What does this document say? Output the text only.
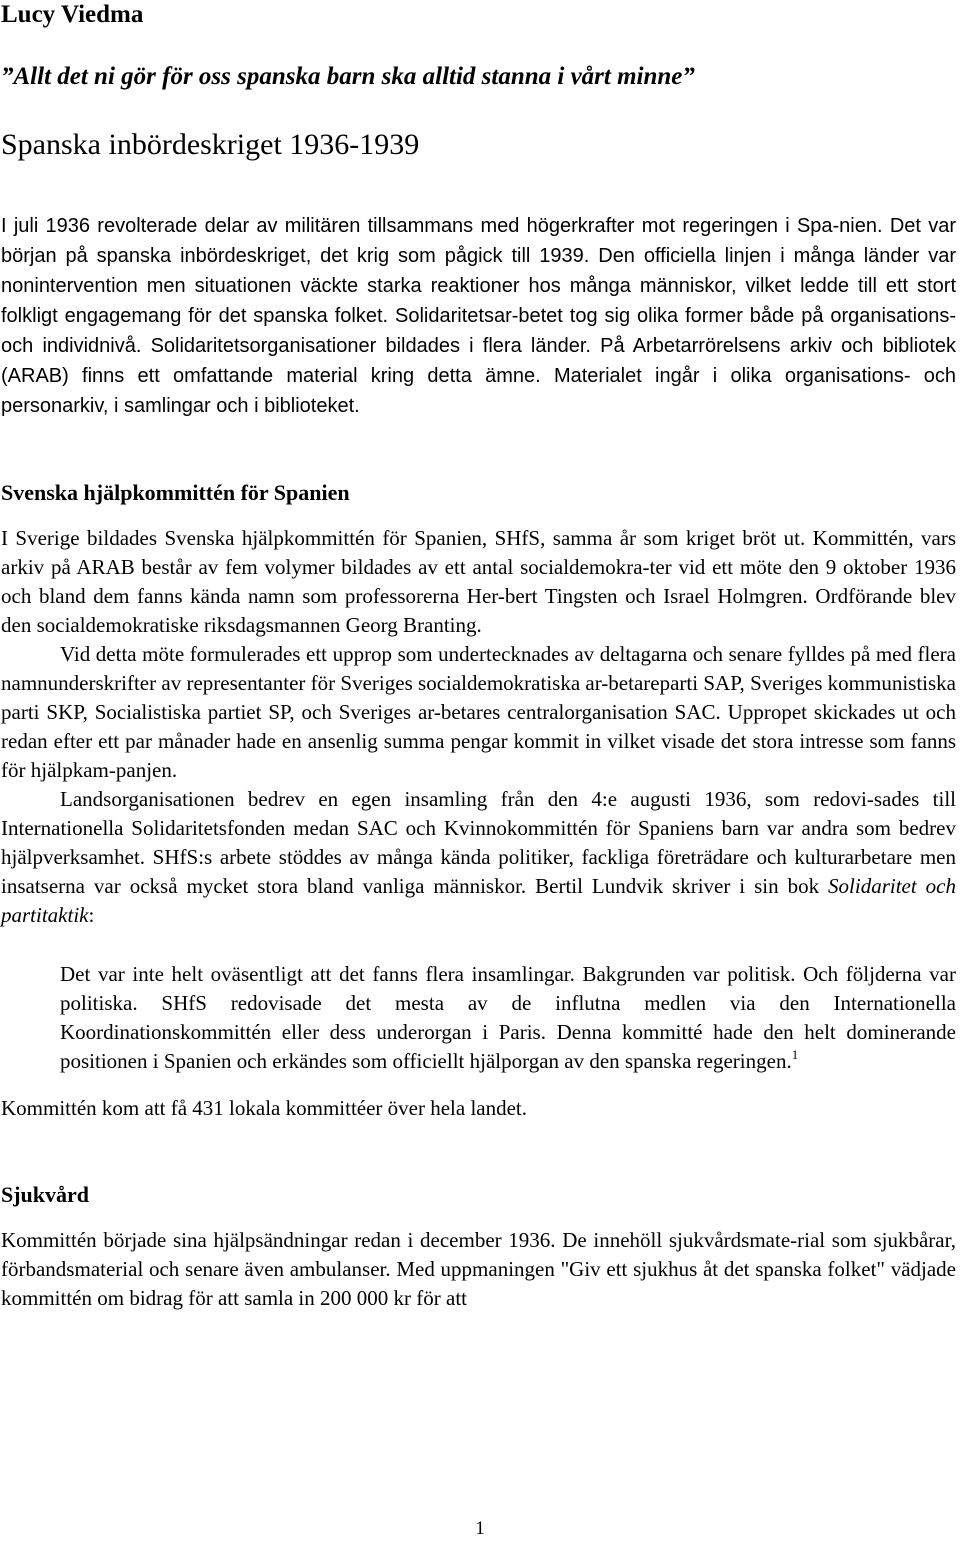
Lucy Viedma
”Allt det ni gör för oss spanska barn ska alltid stanna i vårt minne”
Spanska inbördeskriget 1936-1939

I juli 1936 revolterade delar av militären tillsammans med högerkrafter mot regeringen i Spa-nien. Det var början på spanska inbördeskriget, det krig som pågick till 1939. Den officiella linjen i många länder var nonintervention men situationen väckte starka reaktioner hos många människor, vilket ledde till ett stort folkligt engagemang för det spanska folket. Solidaritetsar-betet tog sig olika former både på organisations- och individnivå. Solidaritetsorganisationer bildades i flera länder. På Arbetarrörelsens arkiv och bibliotek (ARAB) finns ett omfattande material kring detta ämne. Materialet ingår i olika organisations- och personarkiv, i samlingar och i biblioteket.

Svenska hjälpkommittén för Spanien

I Sverige bildades Svenska hjälpkommittén för Spanien, SHfS, samma år som kriget bröt ut. Kommittén, vars arkiv på ARAB består av fem volymer bildades av ett antal socialdemokra-ter vid ett möte den 9 oktober 1936 och bland dem fanns kända namn som professorerna Her-bert Tingsten och Israel Holmgren. Ordförande blev den socialdemokratiske riksdagsmannen Georg Branting.

Vid detta möte formulerades ett upprop som undertecknades av deltagarna och senare fylldes på med flera namnunderskrifter av representanter för Sveriges socialdemokratiska ar-betareparti SAP, Sveriges kommunistiska parti SKP, Socialistiska partiet SP, och Sveriges ar-betares centralorganisation SAC. Uppropet skickades ut och redan efter ett par månader hade en ansenlig summa pengar kommit in vilket visade det stora intresse som fanns för hjälpkam-panjen.

Landsorganisationen bedrev en egen insamling från den 4:e augusti 1936, som redovi-sades till Internationella Solidaritetsfonden medan SAC och Kvinnokommittén för Spaniens barn var andra som bedrev hjälpverksamhet. SHfS:s arbete stöddes av många kända politiker, fackliga företrädare och kulturarbetare men insatserna var också mycket stora bland vanliga människor. Bertil Lundvik skriver i sin bok Solidaritet och partitaktik:

Det var inte helt oväsentligt att det fanns flera insamlingar. Bakgrunden var politisk. Och följderna var politiska. SHfS redovisade det mesta av de influtna medlen via den Internationella Koordinationskommittén eller dess underorgan i Paris. Denna kommitté hade den helt dominerande positionen i Spanien och erkändes som officiellt hjälporgan av den spanska regeringen.$^1$

Kommittén kom att få 431 lokala kommittéer över hela landet.

Sjukvård

Kommittén började sina hjälpsändningar redan i december 1936. De innehöll sjukvårdsmate-rial som sjukbårar, förbandsmaterial och senare även ambulanser. Med uppmaningen "Giv ett sjukhus åt det spanska folket" vädjade kommittén om bidrag för att samla in 200 000 kr för att

1
